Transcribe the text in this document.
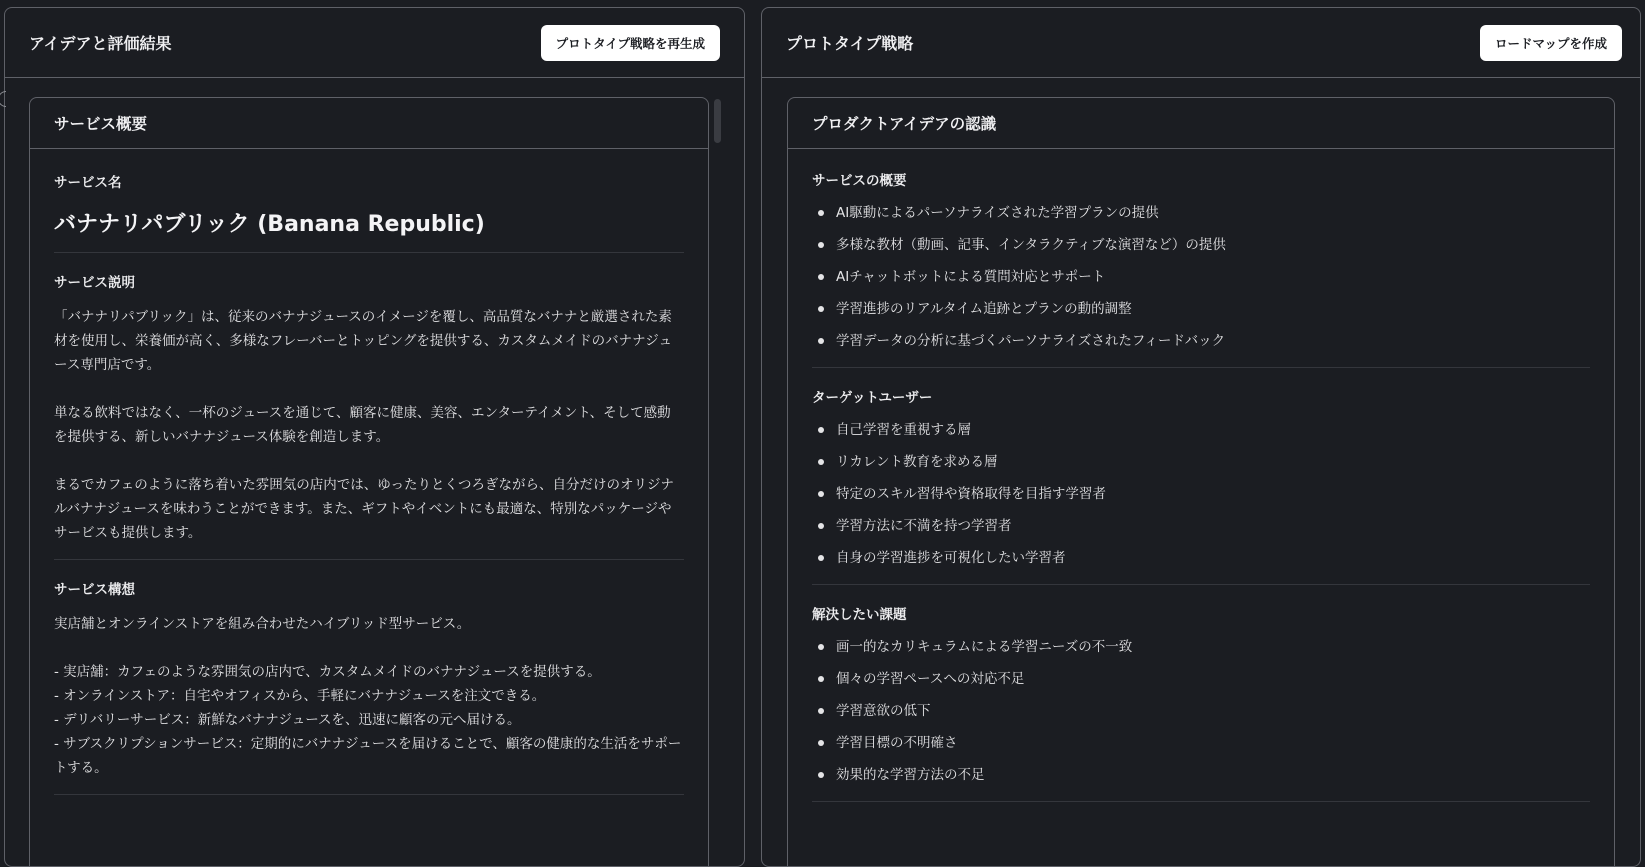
アイデアと評価結果	プロトタイプ戦略を再生成
サービス概要
サービス名
バナナリパブリック (Banana Republic)
サービス説明

「バナナリパブリック」は、従来のバナナジュースのイメージを覆し、高品質なバナナと厳選された素材を使用し、栄養価が高く、多様なフレーバーとトッピングを提供する、カスタムメイドのバナナジュース専門店です。

単なる飲料ではなく、一杯のジュースを通じて、顧客に健康、美容、エンターテイメント、そして感動を提供する、新しいバナナジュース体験を創造します。

まるでカフェのように落ち着いた雰囲気の店内では、ゆったりとくつろぎながら、自分だけのオリジナルバナナジュースを味わうことができます。また、ギフトやイベントにも最適な、特別なパッケージやサービスも提供します。

サービス構想
実店舗とオンラインストアを組み合わせたハイブリッド型サービス。
- 実店舗：カフェのような雰囲気の店内で、カスタムメイドのバナナジュースを提供する。
- オンラインストア：自宅やオフィスから、手軽にバナナジュースを注文できる。
- デリバリーサービス：新鮮なバナナジュースを、迅速に顧客の元へ届ける。
- サブスクリプションサービス：定期的にバナナジュースを届けることで、顧客の健康的な生活をサポートする。
プロトタイプ戦略	ロードマップを作成
プロダクトアイデアの認識
サービスの概要
AI駆動によるパーソナライズされた学習プランの提供
多様な教材（動画、記事、インタラクティブな演習など）の提供
AIチャットボットによる質問対応とサポート
学習進捗のリアルタイム追跡とプランの動的調整
学習データの分析に基づくパーソナライズされたフィードバック
ターゲットユーザー
自己学習を重視する層
リカレント教育を求める層
特定のスキル習得や資格取得を目指す学習者
学習方法に不満を持つ学習者
自身の学習進捗を可視化したい学習者
解決したい課題
画一的なカリキュラムによる学習ニーズの不一致
個々の学習ペースへの対応不足
学習意欲の低下
学習目標の不明確さ
効果的な学習方法の不足
